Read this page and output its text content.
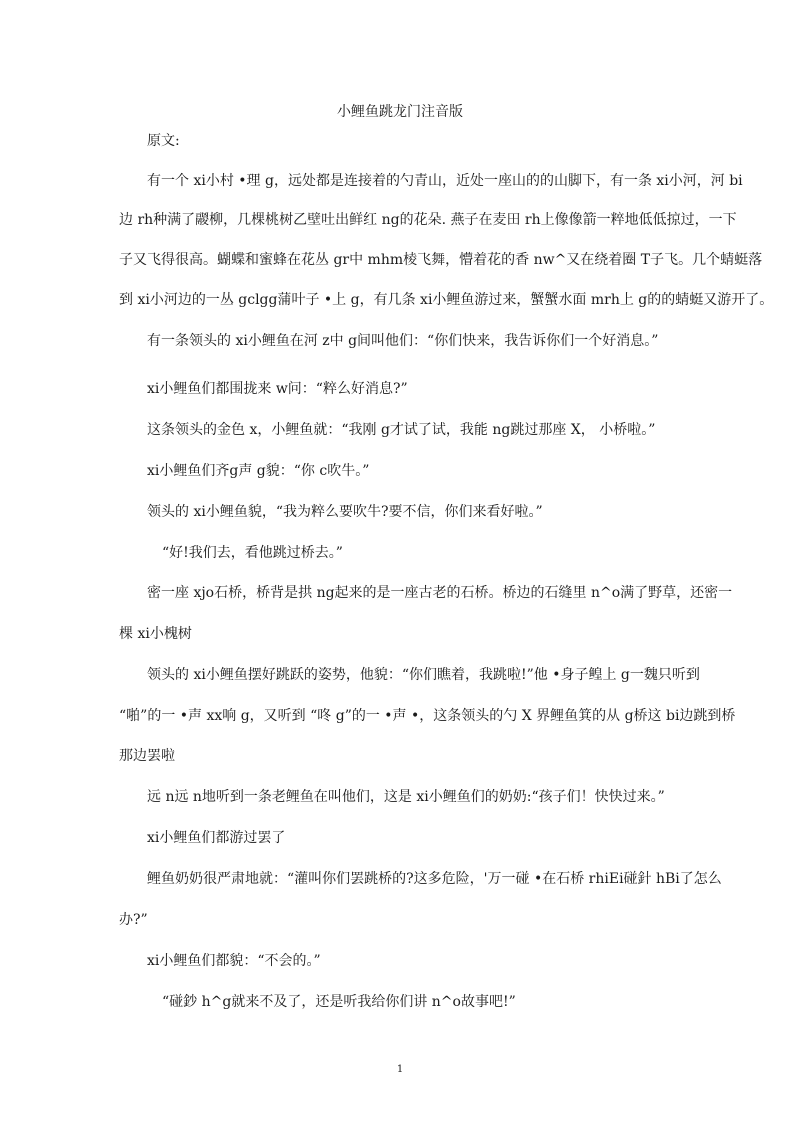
小鲤鱼跳龙门注音版
原文:
有一个 xi小村 •理 g，远处都是连接着的勺青山，近处一座山的的山脚下，有一条 xi小河，河 bi
边 rh种满了鬷柳，几棵桃树乙壁吐出鲜红 ng的花朵. 燕子在麦田 rh上像像箭一粹地低低掠过，一下
子又飞得很高。蝴蝶和蜜蜂在花丛 gr中 mhm棱飞舞，懵着花的香 nw^又在绕着圈 T子飞。几个蜻蜓落
到 xi小河边的一丛 gclgg蒲叶子 •上 g，有几条 xi小鲤鱼游过来，蟹蟹水面 mrh上 g的的蜻蜓又游开了。
有一条领头的 xi小鲤鱼在河 z中 g间叫他们：“你们快来，我告诉你们一个好消息。”
xi小鲤鱼们都围拢来 w问：“粹么好消息?”
这条领头的金色 x，小鲤鱼就：“我刚 g才试了试，我能 ng跳过那座 X， 小桥啦。”
xi小鲤鱼们齐g声 g貌：“你 c吹牛。”
领头的 xi小鲤鱼貌，“我为粹么要吹牛?要不信，你们来看好啦。”
“好!我们去，看他跳过桥去。”
密一座 xjo石桥，桥背是拱 ng起来的是一座古老的石桥。桥边的石缝里 n^o满了野草，还密一
棵 xi小槐树
领头的 xi小鲤鱼摆好跳跃的姿势，他貌：“你们瞧着，我跳啦!”他 •身子鳇上 g一魏只听到
“啪”的一 •声 xx响 g，又听到 “咚 g”的一 •声 •，这条领头的勺 X 界鲤鱼箕的从 g桥这 bi边跳到桥
那边罢啦
远 n远 n地听到一条老鲤鱼在叫他们，这是 xi小鲤鱼们的奶奶:“孩子们！快快过来。”
xi小鲤鱼们都游过罢了
鲤鱼奶奶很严肃地就：“灌叫你们罢跳桥的?这多危险，'万一碰 •在石桥 rhiEi碰針 hBi了怎么
办?”
xi小鲤鱼们都貌：“不会的。”
“碰鈔 h^g就来不及了，还是听我给你们讲 n^o故事吧!”
1
